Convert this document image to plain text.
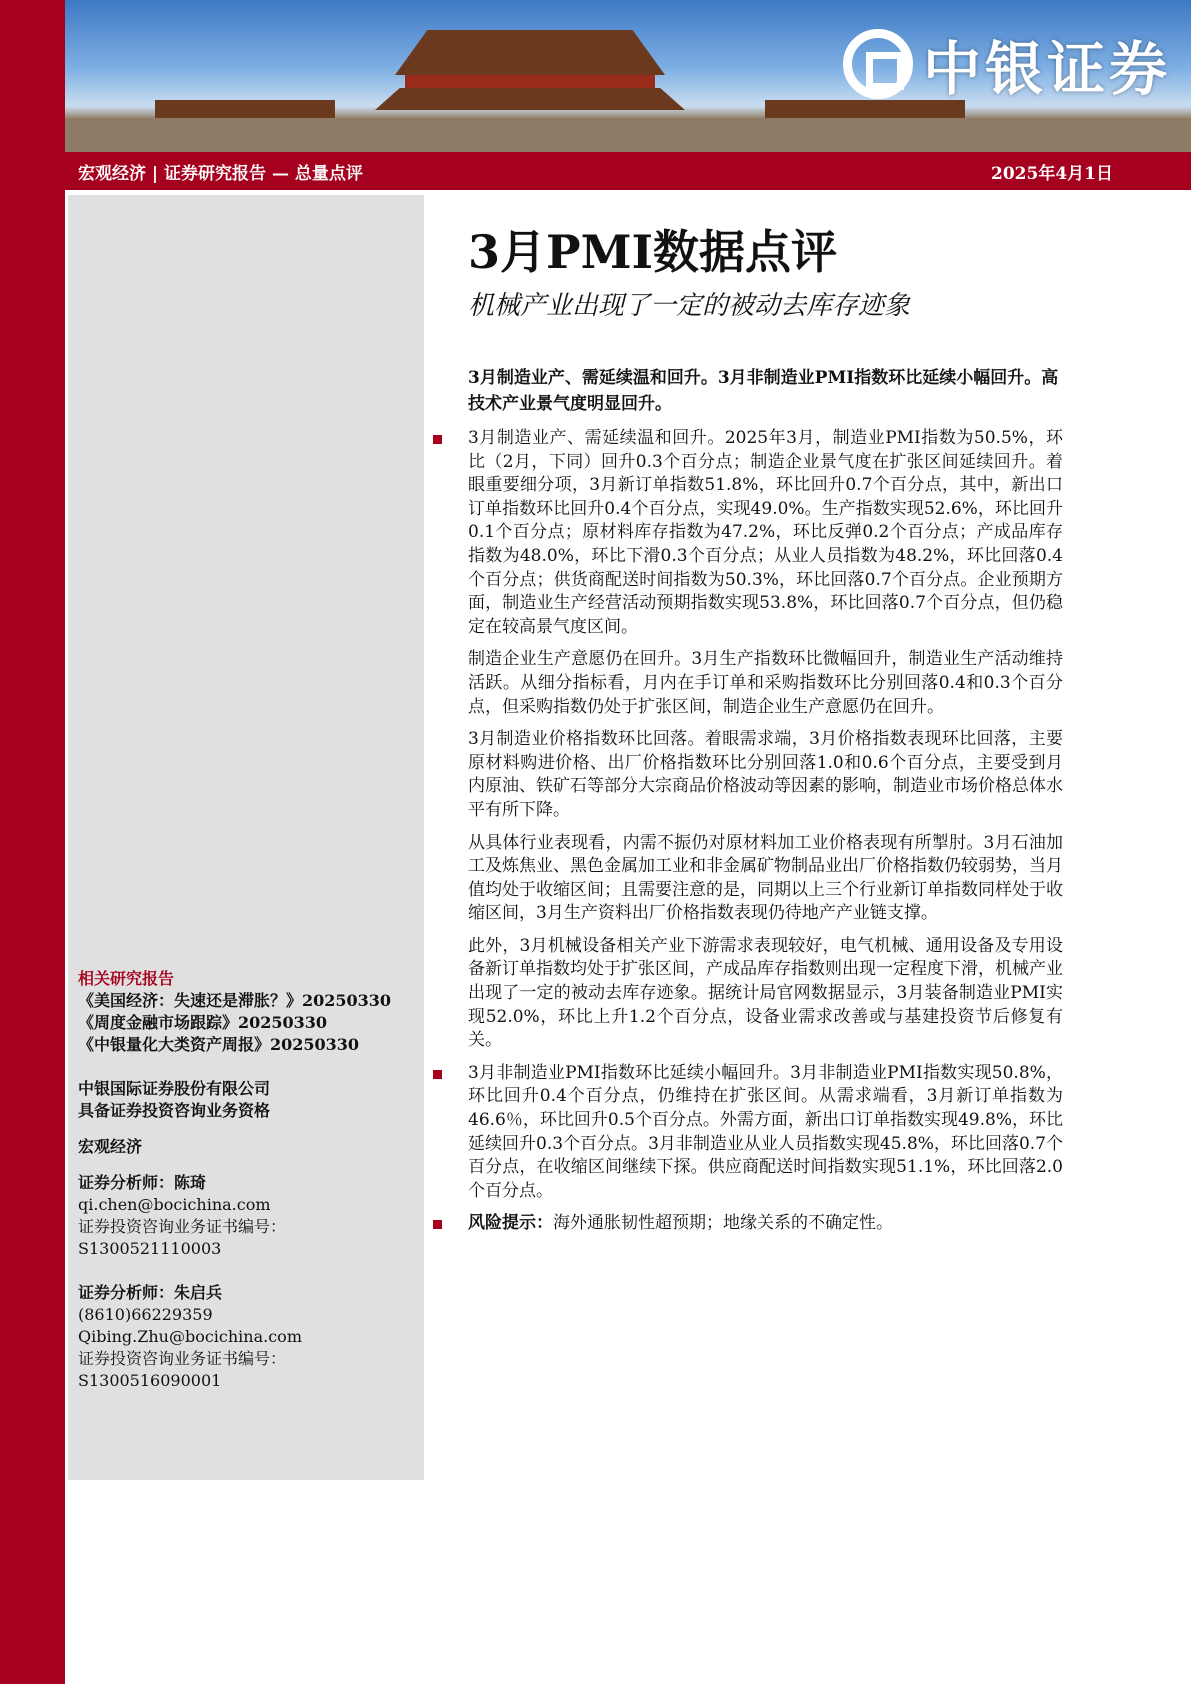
中银证券
宏观经济 | 证券研究报告 — 总量点评	2025年4月1日
相关研究报告
《美国经济：失速还是滞胀？》20250330
《周度金融市场跟踪》20250330
《中银量化大类资产周报》20250330
中银国际证券股份有限公司
具备证券投资咨询业务资格
宏观经济
证券分析师：陈琦
qi.chen@bocichina.com
证券投资咨询业务证书编号：S1300521110003
证券分析师：朱启兵
(8610)66229359
Qibing.Zhu@bocichina.com
证券投资咨询业务证书编号：S1300516090001
3月PMI数据点评
机械产业出现了一定的被动去库存迹象
3月制造业产、需延续温和回升。3月非制造业PMI指数环比延续小幅回升。高技术产业景气度明显回升。
3月制造业产、需延续温和回升。2025年3月，制造业PMI指数为50.5%，环比（2月，下同）回升0.3个百分点；制造企业景气度在扩张区间延续回升。着眼重要细分项，3月新订单指数51.8%，环比回升0.7个百分点，其中，新出口订单指数环比回升0.4个百分点，实现49.0%。生产指数实现52.6%，环比回升0.1个百分点；原材料库存指数为47.2%，环比反弹0.2个百分点；产成品库存指数为48.0%，环比下滑0.3个百分点；从业人员指数为48.2%，环比回落0.4个百分点；供货商配送时间指数为50.3%，环比回落0.7个百分点。企业预期方面，制造业生产经营活动预期指数实现53.8%，环比回落0.7个百分点，但仍稳定在较高景气度区间。
制造企业生产意愿仍在回升。3月生产指数环比微幅回升，制造业生产活动维持活跃。从细分指标看，月内在手订单和采购指数环比分别回落0.4和0.3个百分点，但采购指数仍处于扩张区间，制造企业生产意愿仍在回升。
3月制造业价格指数环比回落。着眼需求端，3月价格指数表现环比回落，主要原材料购进价格、出厂价格指数环比分别回落1.0和0.6个百分点，主要受到月内原油、铁矿石等部分大宗商品价格波动等因素的影响，制造业市场价格总体水平有所下降。
从具体行业表现看，内需不振仍对原材料加工业价格表现有所掣肘。3月石油加工及炼焦业、黑色金属加工业和非金属矿物制品业出厂价格指数仍较弱势，当月值均处于收缩区间；且需要注意的是，同期以上三个行业新订单指数同样处于收缩区间，3月生产资料出厂价格指数表现仍待地产产业链支撑。
此外，3月机械设备相关产业下游需求表现较好，电气机械、通用设备及专用设备新订单指数均处于扩张区间，产成品库存指数则出现一定程度下滑，机械产业出现了一定的被动去库存迹象。据统计局官网数据显示，3月装备制造业PMI实现52.0%，环比上升1.2个百分点，设备业需求改善或与基建投资节后修复有关。
3月非制造业PMI指数环比延续小幅回升。3月非制造业PMI指数实现50.8%，环比回升0.4个百分点，仍维持在扩张区间。从需求端看，3月新订单指数为46.6％，环比回升0.5个百分点。外需方面，新出口订单指数实现49.8%，环比延续回升0.3个百分点。3月非制造业从业人员指数实现45.8%，环比回落0.7个百分点，在收缩区间继续下探。供应商配送时间指数实现51.1%，环比回落2.0个百分点。
风险提示：海外通胀韧性超预期；地缘关系的不确定性。
